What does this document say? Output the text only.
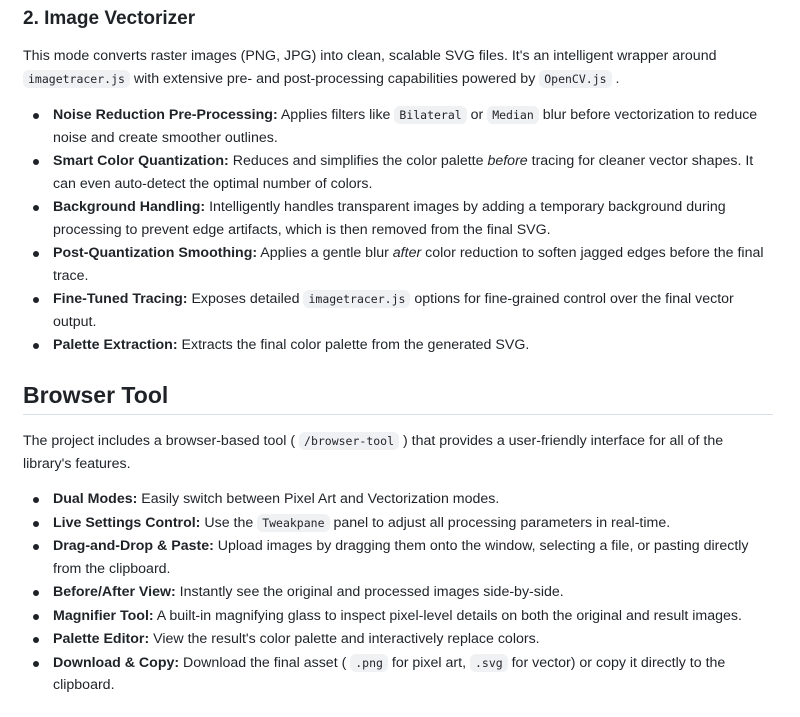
2. Image Vectorizer

This mode converts raster images (PNG, JPG) into clean, scalable SVG files. It's an intelligent wrapper around imagetracer.js with extensive pre- and post-processing capabilities powered by OpenCV.js .

Noise Reduction Pre-Processing: Applies filters like Bilateral or Median blur before vectorization to reduce noise and create smoother outlines.
Smart Color Quantization: Reduces and simplifies the color palette before tracing for cleaner vector shapes. It can even auto-detect the optimal number of colors.
Background Handling: Intelligently handles transparent images by adding a temporary background during processing to prevent edge artifacts, which is then removed from the final SVG.
Post-Quantization Smoothing: Applies a gentle blur after color reduction to soften jagged edges before the final trace.
Fine-Tuned Tracing: Exposes detailed imagetracer.js options for fine-grained control over the final vector output.
Palette Extraction: Extracts the final color palette from the generated SVG.
Browser Tool

The project includes a browser-based tool ( /browser-tool ) that provides a user-friendly interface for all of the library's features.

Dual Modes: Easily switch between Pixel Art and Vectorization modes.
Live Settings Control: Use the Tweakpane panel to adjust all processing parameters in real-time.
Drag-and-Drop & Paste: Upload images by dragging them onto the window, selecting a file, or pasting directly from the clipboard.
Before/After View: Instantly see the original and processed images side-by-side.
Magnifier Tool: A built-in magnifying glass to inspect pixel-level details on both the original and result images.
Palette Editor: View the result's color palette and interactively replace colors.
Download & Copy: Download the final asset ( .png for pixel art, .svg for vector) or copy it directly to the clipboard.
